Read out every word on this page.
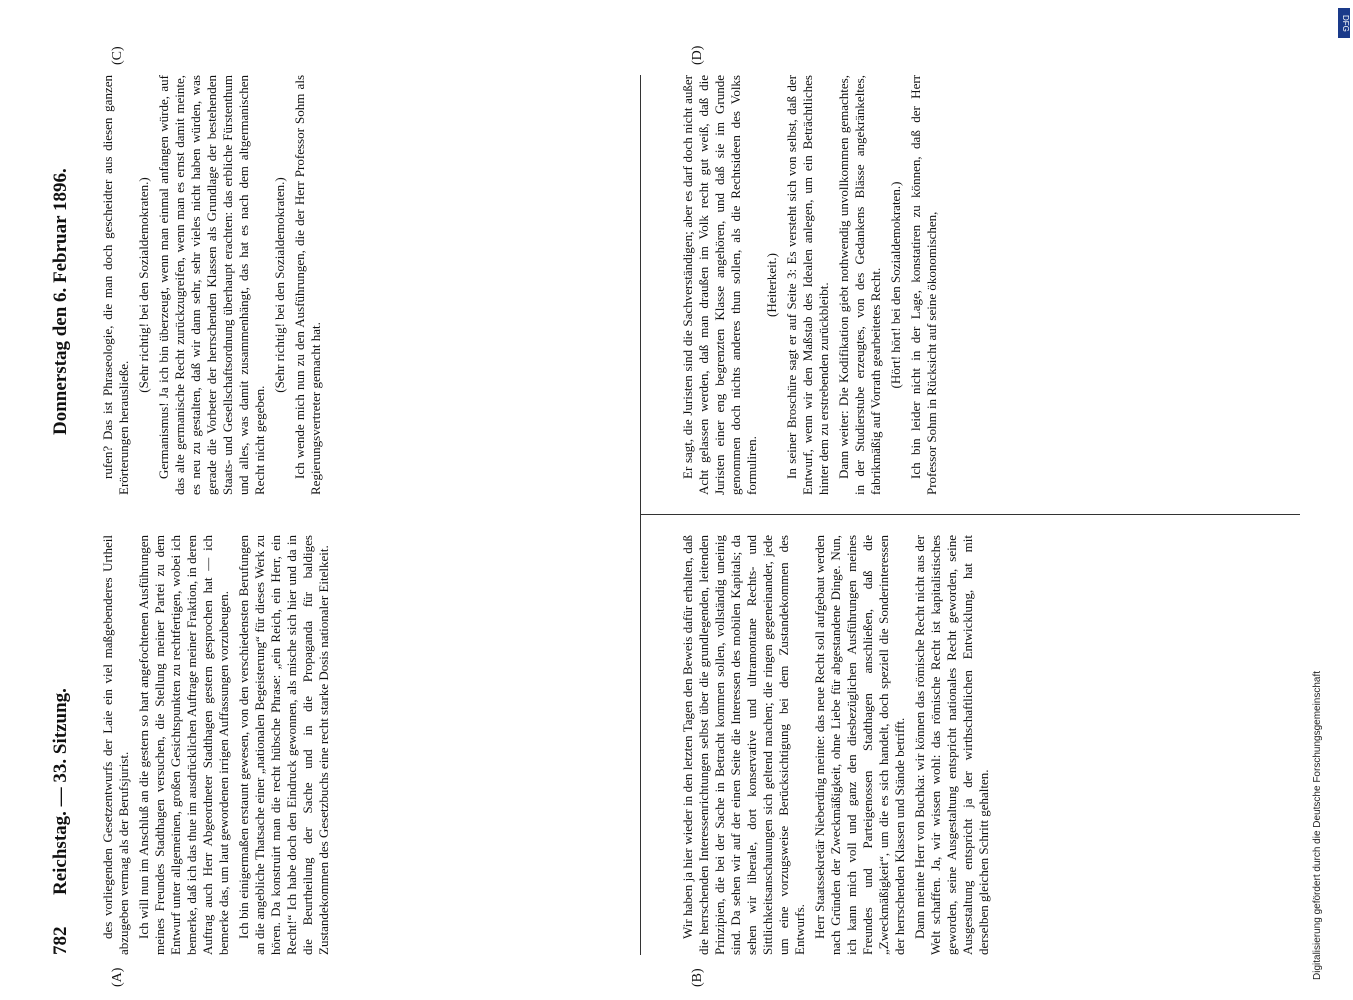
782
Reichstag. — 33. Sitzung.
Donnerstag den 6. Februar 1896.
(A)	(B)
(C)	(D)

des vorliegenden Gesetzentwurfs der Laie ein viel maßgebenderes Urtheil abzugeben vermag als der Berufsjurist. Ich will nun im Anschluß an die gestern so hart angefochtenen Ausführungen meines Freundes Stadthagen versuchen, die Stellung meiner Partei zu dem Entwurf unter allgemeinen, großen Gesichtspunkten zu rechtfertigen, wobei ich bemerke, daß ich das thue im ausdrücklichen Auftrage meiner Fraktion, in deren Auftrag auch Herr Abgeordneter Stadthagen gestern gesprochen hat — ich bemerke das, um laut gewordenen irrigen Auffassungen vorzubeugen. Ich bin einigermaßen erstaunt gewesen, von den verschiedensten Berufungen an die angebliche Thatsache einer „nationalen Begeisterung“ für dieses Werk zu hören. Da konstruirt man die recht hübsche Phrase: „ein Reich, ein Herr, ein Recht!“ Ich habe doch den Eindruck gewonnen, als mische sich hier und da in die Beurtheilung der Sache und in die Propaganda für baldiges Zustandekommen des Gesetzbuchs eine recht starke Dosis nationaler Eitelkeit.

rufen? Das ist Phraseologie, die man doch gescheidter aus diesen ganzen Erörterungen herausließe.

(Sehr richtig! bei den Sozialdemokraten.) Germanismus! Ja ich bin überzeugt, wenn man einmal anfangen würde, auf das alte germanische Recht zurückzugreifen, wenn man es ernst damit meinte, es neu zu gestalten, daß wir dann sehr, sehr vieles nicht haben würden, was gerade die Vorbeter der herrschenden Klassen als Grundlage der bestehenden Staats- und Gesellschaftsordnung überhaupt erachten: das erbliche Fürstenthum und alles, was damit zusammenhängt, das hat es nach dem altgermanischen Recht nicht gegeben.

(Sehr richtig! bei den Sozialdemokraten.) Ich wende mich nun zu den Ausführungen, die der Herr Professor Sohm als Regierungsvertreter gemacht hat.

Wir haben ja hier wieder in den letzten Tagen den Beweis dafür erhalten, daß die herrschenden Interessenrichtungen selbst über die grundlegenden, leitenden Prinzipien, die bei der Sache in Betracht kommen sollen, vollständig uneinig sind. Da sehen wir auf der einen Seite die Interessen des mobilen Kapitals; da sehen wir liberale, dort konservative und ultramontane Rechts- und Sittlichkeitsanschauungen sich geltend machen; die ringen gegeneinander, jede um eine vorzugsweise Berücksichtigung bei dem Zustandekommen des Entwurfs. Herr Staatssekretär Nieberding meinte: das neue Recht soll aufgebaut werden nach Gründen der Zweckmäßigkeit, ohne Liebe für abgestandene Dinge. Nun, ich kann mich voll und ganz den diesbezüglichen Ausführungen meines Freundes und Parteigenossen Stadthagen anschließen, daß die „Zweckmäßigkeit“, um die es sich handelt, doch speziell die Sonderinteressen der herrschenden Klassen und Stände betrifft. Dann meinte Herr von Buchka: wir können das römische Recht nicht aus der Welt schaffen. Ja, wir wissen wohl: das römische Recht ist kapitalistisches geworden, seine Ausgestaltung entspricht nationales Recht geworden, seine Ausgestaltung entspricht ja der wirthschaftlichen Entwicklung, hat mit derselben gleichen Schritt gehalten.

Er sagt, die Juristen sind die Sachverständigen; aber es darf doch nicht außer Acht gelassen werden, daß man draußen im Volk recht gut weiß, daß die Juristen einer eng begrenzten Klasse angehören, und daß sie im Grunde genommen doch nichts anderes thun sollen, als die Rechtsideen des Volks formuliren.

(Heiterkeit.) In seiner Broschüre sagt er auf Seite 3: Es versteht sich von selbst, daß der Entwurf, wenn wir den Maßstab des Idealen anlegen, um ein Beträchtliches hinter dem zu erstrebenden zurückbleibt. Dann weiter: Die Kodifikation giebt nothwendig unvollkommen gemachtes, in der Studierstube erzeugtes, von des Gedankens Blässe angekränkeltes, fabrikmäßig auf Vorrath gearbeitetes Recht. (Hört! hört! bei den Sozialdemokraten.) Ich bin leider nicht in der Lage, konstatiren zu können, daß der Herr Professor Sohm in Rücksicht auf seine ökonomischen,

Digitalisierung gefördert durch die Deutsche Forschungsgemeinschaft
DFG
